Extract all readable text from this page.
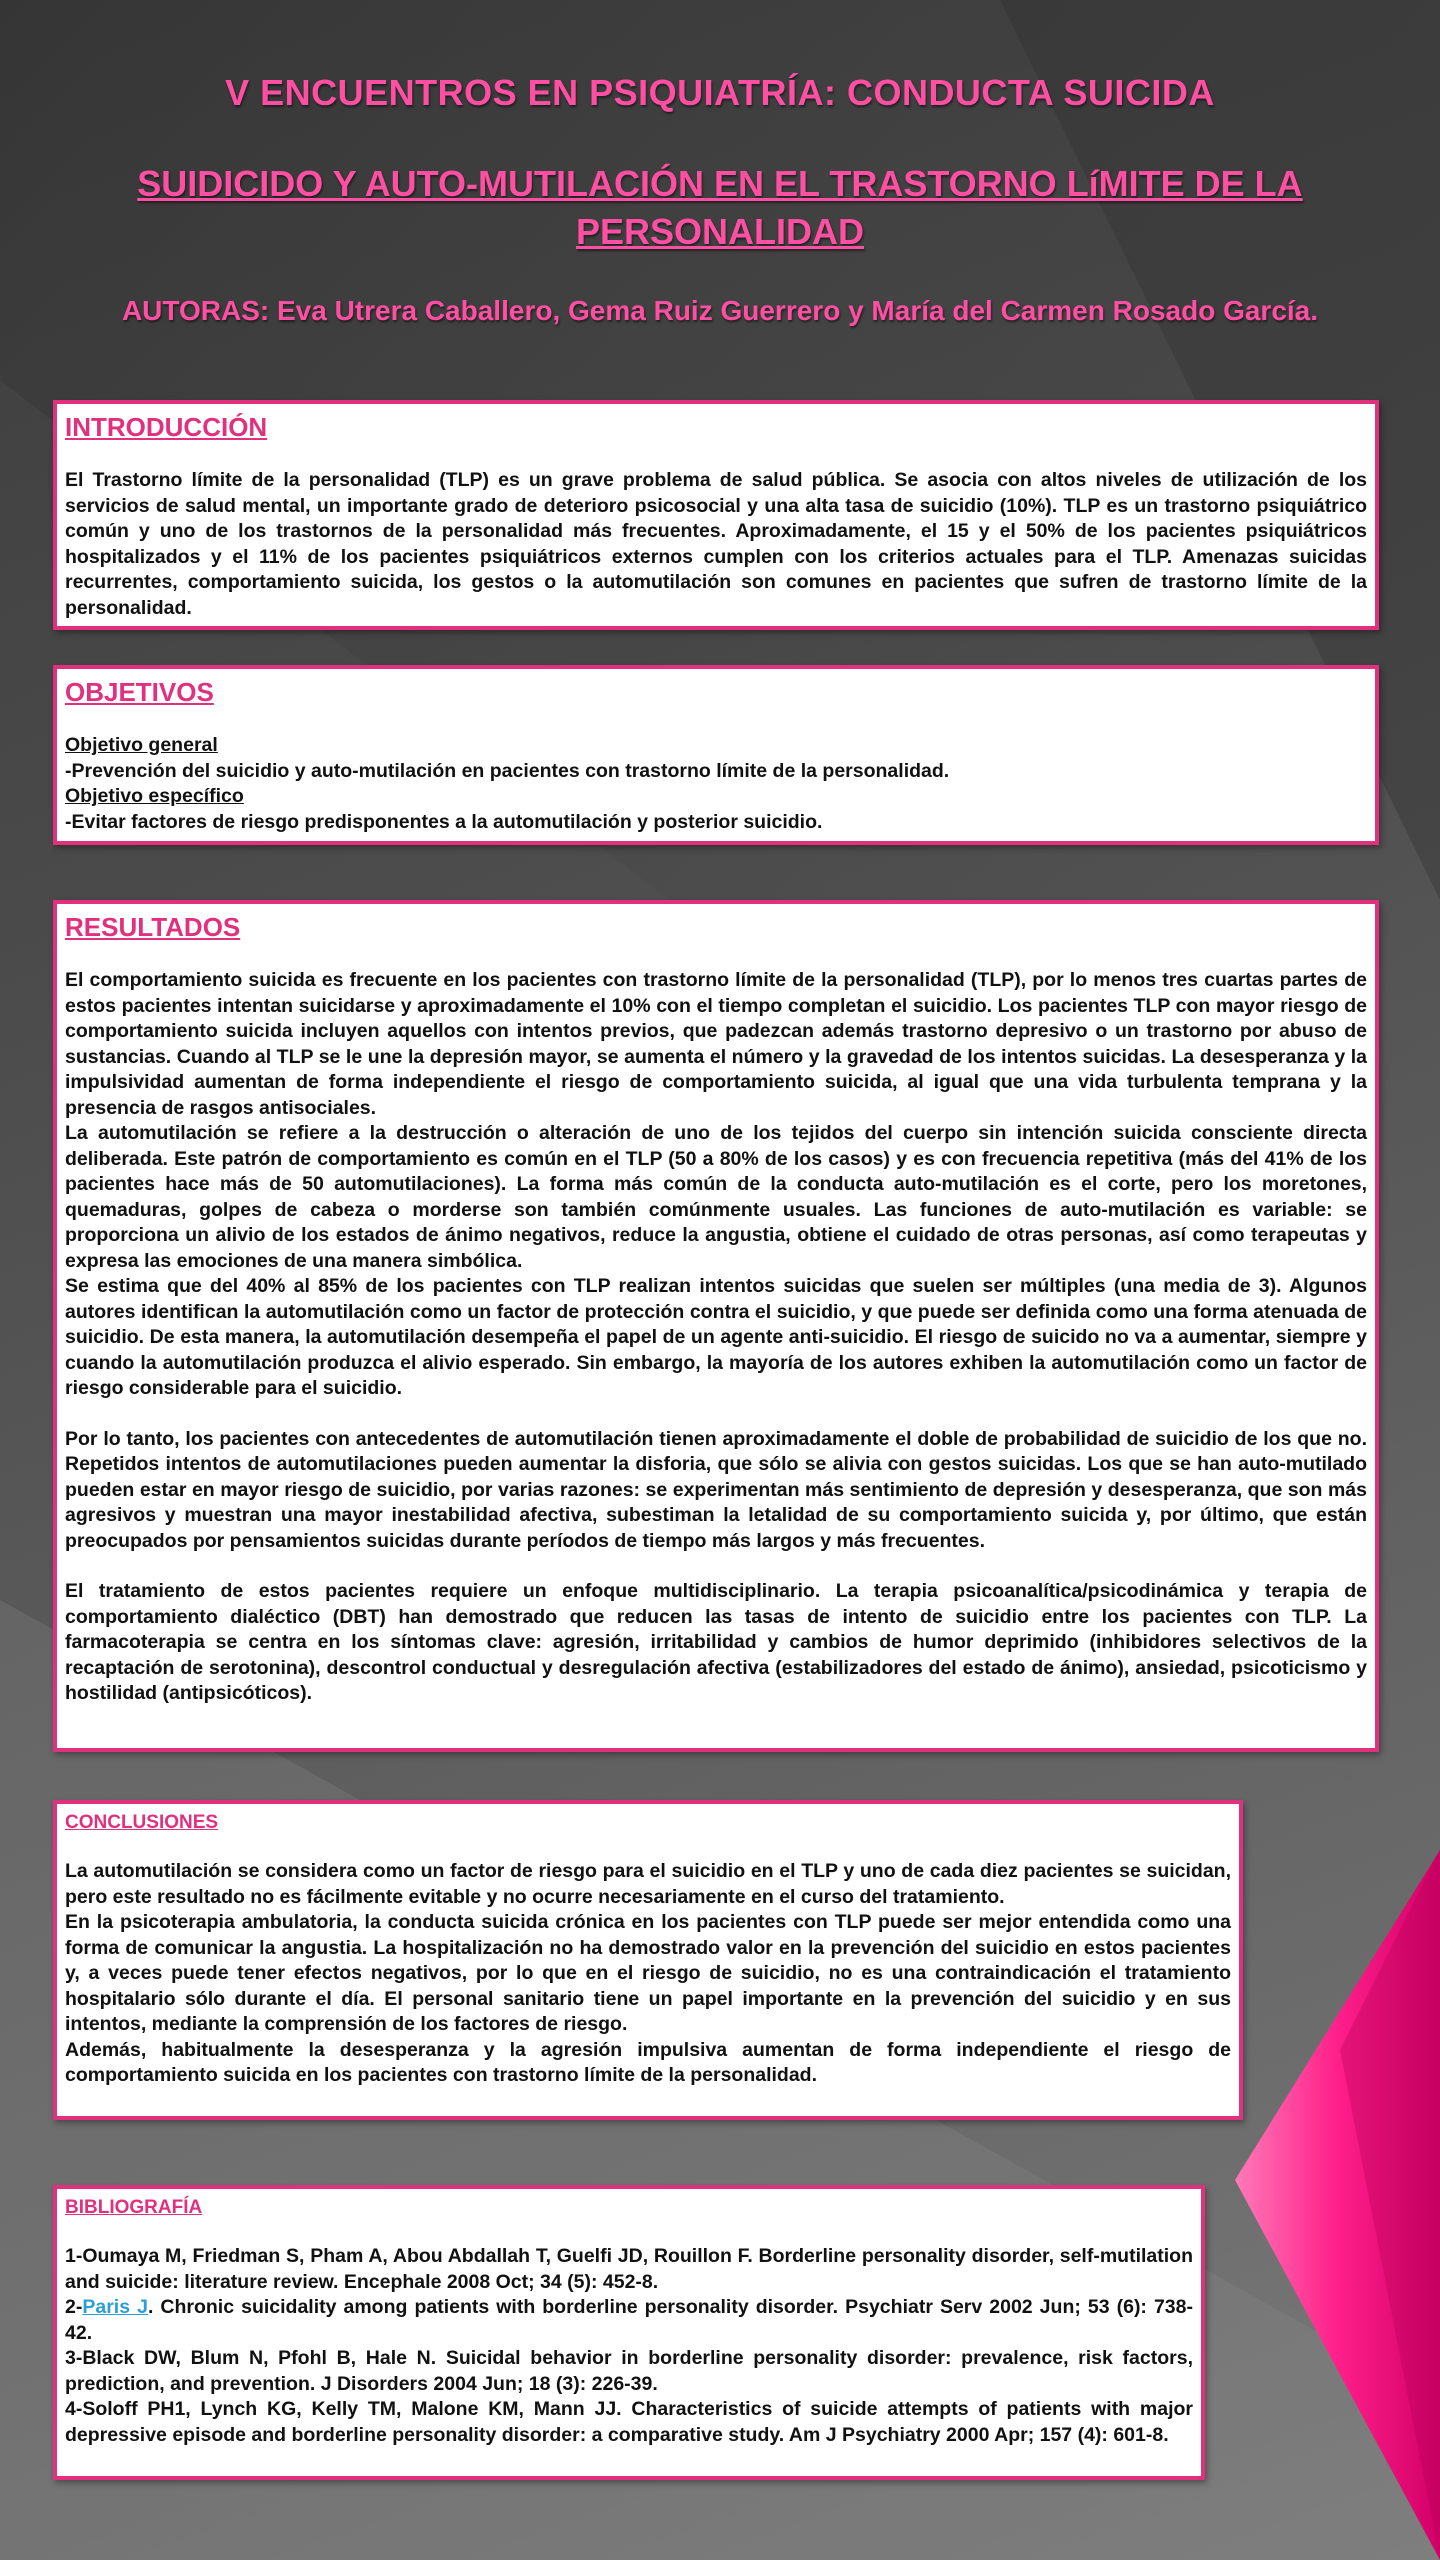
V ENCUENTROS EN PSIQUIATRÍA: CONDUCTA SUICIDA
SUIDICIDO Y AUTO-MUTILACIÓN EN EL TRASTORNO LíMITE DE LA PERSONALIDAD
AUTORAS: Eva Utrera Caballero, Gema Ruiz Guerrero y María del Carmen Rosado García.
INTRODUCCIÓN

El Trastorno límite de la personalidad (TLP) es un grave problema de salud pública. Se asocia con altos niveles de utilización de los servicios de salud mental, un importante grado de deterioro psicosocial y una alta tasa de suicidio (10%). TLP es un trastorno psiquiátrico común y uno de los trastornos de la personalidad más frecuentes. Aproximadamente, el 15 y el 50% de los pacientes psiquiátricos hospitalizados y el 11% de los pacientes psiquiátricos externos cumplen con los criterios actuales para el TLP. Amenazas suicidas recurrentes, comportamiento suicida, los gestos o la automutilación son comunes en pacientes que sufren de trastorno límite de la personalidad.

OBJETIVOS
Objetivo general

-Prevención del suicidio y auto-mutilación en pacientes con trastorno límite de la personalidad.

Objetivo específico

-Evitar factores de riesgo predisponentes a la automutilación y posterior suicidio.

RESULTADOS

El comportamiento suicida es frecuente en los pacientes con trastorno límite de la personalidad (TLP), por lo menos tres cuartas partes de estos pacientes intentan suicidarse y aproximadamente el 10% con el tiempo completan el suicidio. Los pacientes TLP con mayor riesgo de comportamiento suicida incluyen aquellos con intentos previos, que padezcan además trastorno depresivo o un trastorno por abuso de sustancias. Cuando al TLP se le une la depresión mayor, se aumenta el número y la gravedad de los intentos suicidas. La desesperanza y la impulsividad aumentan de forma independiente el riesgo de comportamiento suicida, al igual que una vida turbulenta temprana y la presencia de rasgos antisociales.

La automutilación se refiere a la destrucción o alteración de uno de los tejidos del cuerpo sin intención suicida consciente directa deliberada. Este patrón de comportamiento es común en el TLP (50 a 80% de los casos) y es con frecuencia repetitiva (más del 41% de los pacientes hace más de 50 automutilaciones). La forma más común de la conducta auto-mutilación es el corte, pero los moretones, quemaduras, golpes de cabeza o morderse son también comúnmente usuales. Las funciones de auto-mutilación es variable: se proporciona un alivio de los estados de ánimo negativos, reduce la angustia, obtiene el cuidado de otras personas, así como terapeutas y expresa las emociones de una manera simbólica.

Se estima que del 40% al 85% de los pacientes con TLP realizan intentos suicidas que suelen ser múltiples (una media de 3). Algunos autores identifican la automutilación como un factor de protección contra el suicidio, y que puede ser definida como una forma atenuada de suicidio. De esta manera, la automutilación desempeña el papel de un agente anti-suicidio. El riesgo de suicido no va a aumentar, siempre y cuando la automutilación produzca el alivio esperado. Sin embargo, la mayoría de los autores exhiben la automutilación como un factor de riesgo considerable para el suicidio.

Por lo tanto, los pacientes con antecedentes de automutilación tienen aproximadamente el doble de probabilidad de suicidio de los que no. Repetidos intentos de automutilaciones pueden aumentar la disforia, que sólo se alivia con gestos suicidas. Los que se han auto-mutilado pueden estar en mayor riesgo de suicidio, por varias razones: se experimentan más sentimiento de depresión y desesperanza, que son más agresivos y muestran una mayor inestabilidad afectiva, subestiman la letalidad de su comportamiento suicida y, por último, que están preocupados por pensamientos suicidas durante períodos de tiempo más largos y más frecuentes.

El tratamiento de estos pacientes requiere un enfoque multidisciplinario. La terapia psicoanalítica/psicodinámica y terapia de comportamiento dialéctico (DBT) han demostrado que reducen las tasas de intento de suicidio entre los pacientes con TLP. La farmacoterapia se centra en los síntomas clave: agresión, irritabilidad y cambios de humor deprimido (inhibidores selectivos de la recaptación de serotonina), descontrol conductual y desregulación afectiva (estabilizadores del estado de ánimo), ansiedad, psicoticismo y hostilidad (antipsicóticos).

CONCLUSIONES

La automutilación se considera como un factor de riesgo para el suicidio en el TLP y uno de cada diez pacientes se suicidan, pero este resultado no es fácilmente evitable y no ocurre necesariamente en el curso del tratamiento.

En la psicoterapia ambulatoria, la conducta suicida crónica en los pacientes con TLP puede ser mejor entendida como una forma de comunicar la angustia. La hospitalización no ha demostrado valor en la prevención del suicidio en estos pacientes y, a veces puede tener efectos negativos, por lo que en el riesgo de suicidio, no es una contraindicación el tratamiento hospitalario sólo durante el día. El personal sanitario tiene un papel importante en la prevención del suicidio y en sus intentos, mediante la comprensión de los factores de riesgo.

Además, habitualmente la desesperanza y la agresión impulsiva aumentan de forma independiente el riesgo de comportamiento suicida en los pacientes con trastorno límite de la personalidad.

BIBLIOGRAFÍA

1-Oumaya M, Friedman S, Pham A, Abou Abdallah T, Guelfi JD, Rouillon F. Borderline personality disorder, self-mutilation and suicide: literature review. Encephale 2008 Oct; 34 (5): 452-8.

2-Paris J. Chronic suicidality among patients with borderline personality disorder. Psychiatr Serv 2002 Jun; 53 (6): 738-42.

3-Black DW, Blum N, Pfohl B, Hale N. Suicidal behavior in borderline personality disorder: prevalence, risk factors, prediction, and prevention. J Disorders 2004 Jun; 18 (3): 226-39.

4-Soloff PH1, Lynch KG, Kelly TM, Malone KM, Mann JJ. Characteristics of suicide attempts of patients with major depressive episode and borderline personality disorder: a comparative study. Am J Psychiatry 2000 Apr; 157 (4): 601-8.
